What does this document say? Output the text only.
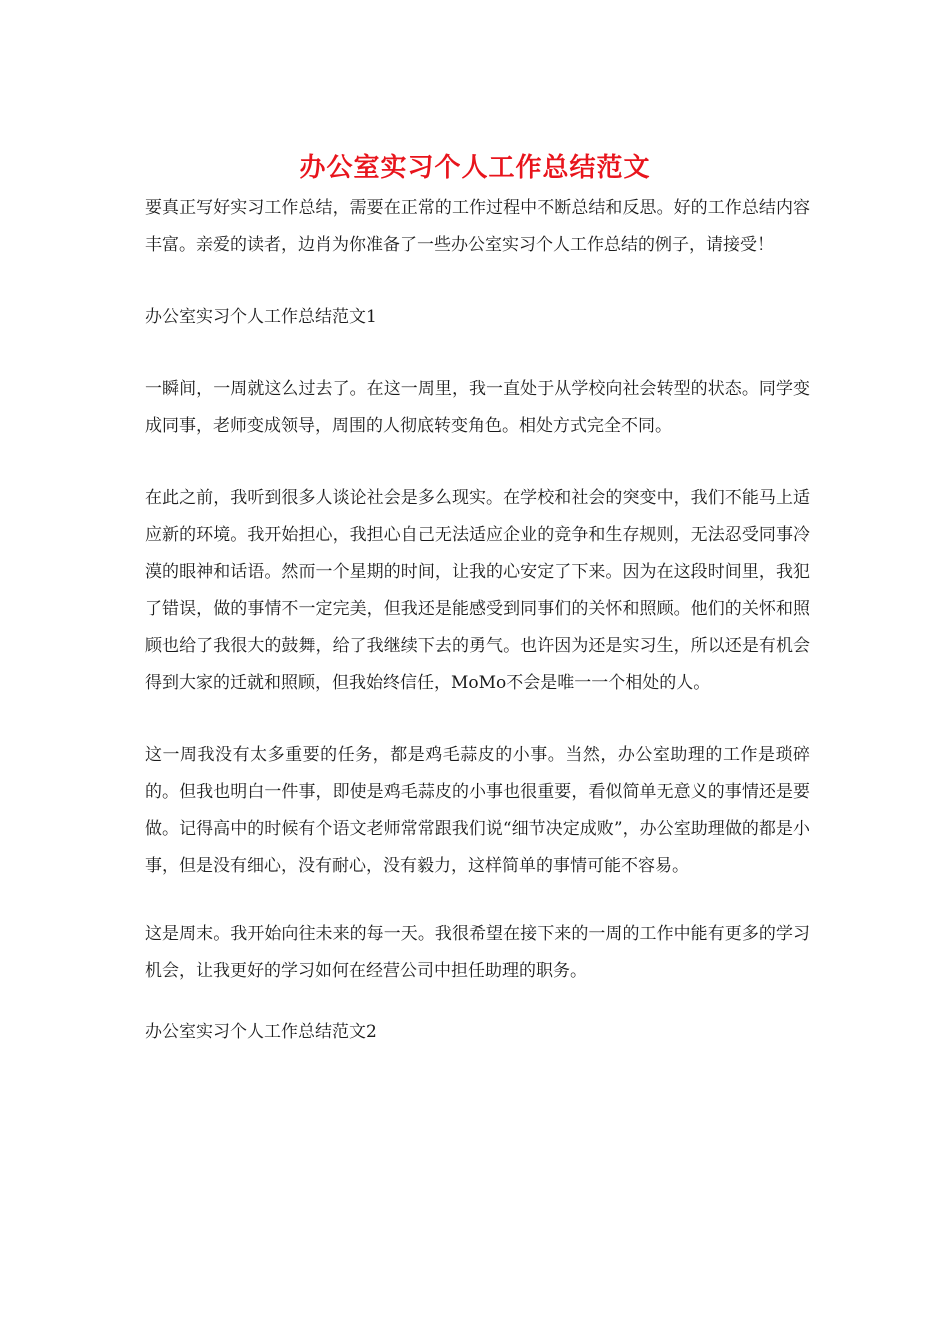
办公室实习个人工作总结范文

要真正写好实习工作总结，需要在正常的工作过程中不断总结和反思。好的工作总结内容丰富。亲爱的读者，边肖为你准备了一些办公室实习个人工作总结的例子，请接受！

办公室实习个人工作总结范文1

一瞬间，一周就这么过去了。在这一周里，我一直处于从学校向社会转型的状态。同学变成同事，老师变成领导，周围的人彻底转变角色。相处方式完全不同。

在此之前，我听到很多人谈论社会是多么现实。在学校和社会的突变中，我们不能马上适应新的环境。我开始担心，我担心自己无法适应企业的竞争和生存规则，无法忍受同事冷漠的眼神和话语。然而一个星期的时间，让我的心安定了下来。因为在这段时间里，我犯了错误，做的事情不一定完美，但我还是能感受到同事们的关怀和照顾。他们的关怀和照顾也给了我很大的鼓舞，给了我继续下去的勇气。也许因为还是实习生，所以还是有机会得到大家的迁就和照顾，但我始终信任，MoMo不会是唯一一个相处的人。

这一周我没有太多重要的任务，都是鸡毛蒜皮的小事。当然，办公室助理的工作是琐碎的。但我也明白一件事，即使是鸡毛蒜皮的小事也很重要，看似简单无意义的事情还是要做。记得高中的时候有个语文老师常常跟我们说“细节决定成败”，办公室助理做的都是小事，但是没有细心，没有耐心，没有毅力，这样简单的事情可能不容易。

这是周末。我开始向往未来的每一天。我很希望在接下来的一周的工作中能有更多的学习机会，让我更好的学习如何在经营公司中担任助理的职务。

办公室实习个人工作总结范文2
